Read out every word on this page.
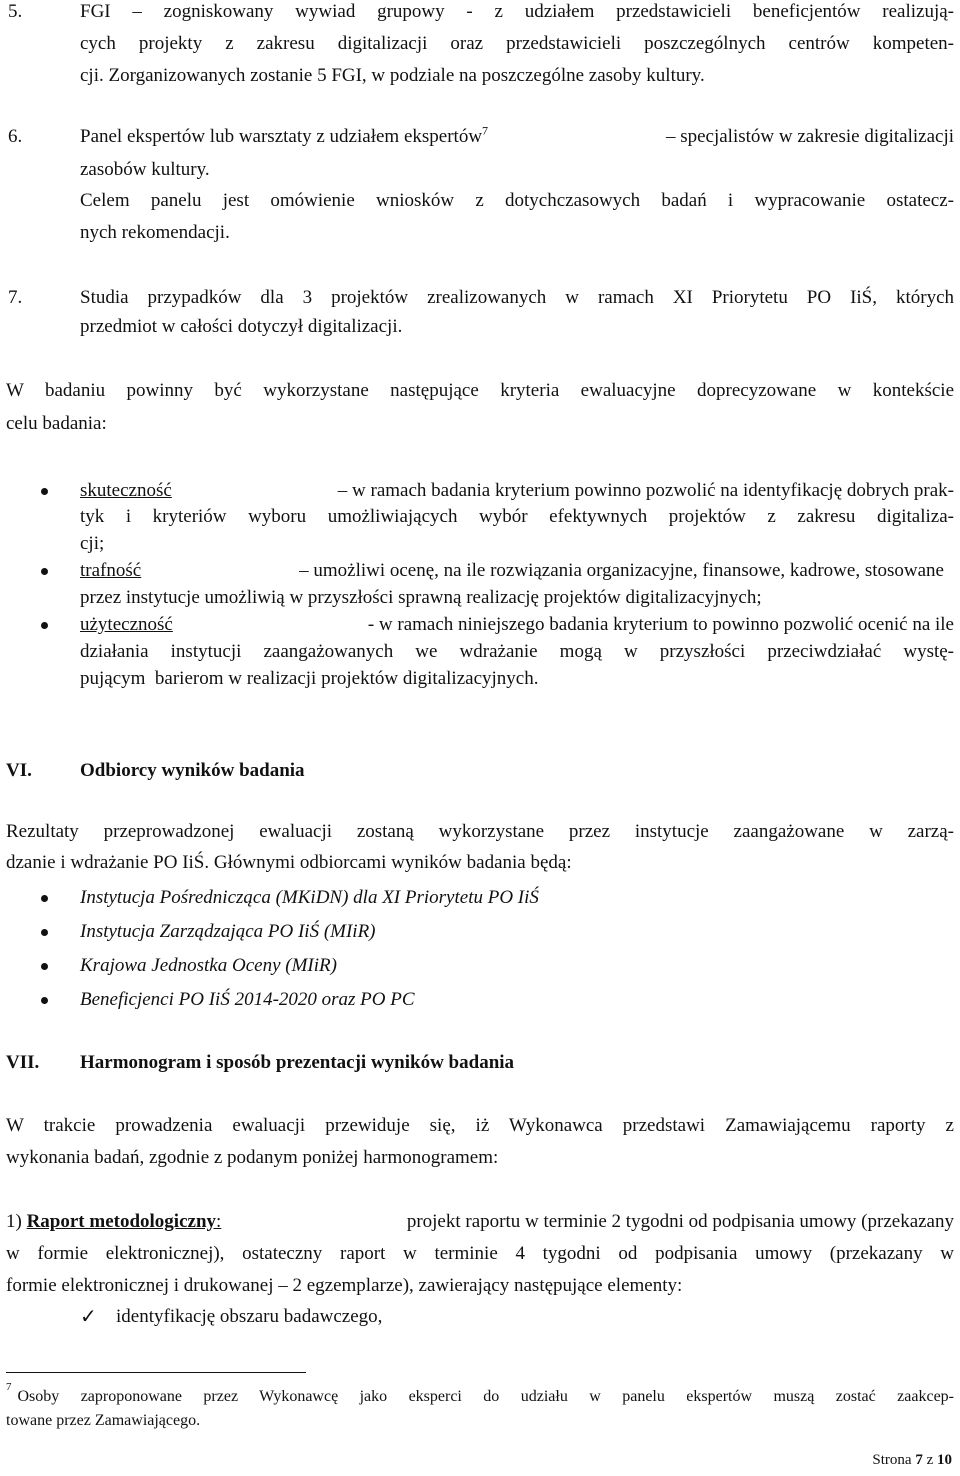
5.	FGI – zogniskowany wywiad grupowy - z udziałem przedstawicieli beneficjentów realizują-
cych projekty z zakresu digitalizacji oraz przedstawicieli poszczególnych centrów kompeten-
cji. Zorganizowanych zostanie 5 FGI, w podziale na poszczególne zasoby kultury.
6.	Panel ekspertów lub warsztaty z udziałem ekspertów$^7$	– specjalistów w zakresie digitalizacji
zasobów kultury.
Celem panelu jest omówienie wniosków z dotychczasowych badań i wypracowanie ostatecz-
nych rekomendacji.
7.	Studia przypadków dla 3 projektów zrealizowanych w ramach XI Priorytetu PO IiŚ, których
przedmiot w całości dotyczył digitalizacji.
W badaniu powinny być wykorzystane następujące kryteria ewaluacyjne doprecyzowane w kontekście
celu badania:
skuteczność	– w ramach badania kryterium powinno pozwolić na identyfikację dobrych prak-
tyk i kryteriów wyboru umożliwiających wybór efektywnych projektów z zakresu digitaliza-
cji;
trafność	– umożliwi ocenę, na ile rozwiązania organizacyjne, finansowe, kadrowe, stosowane
przez instytucje umożliwią w przyszłości sprawną realizację projektów digitalizacyjnych;
użyteczność	- w ramach niniejszego badania kryterium to powinno pozwolić ocenić na ile
działania instytucji zaangażowanych we wdrażanie mogą w przyszłości przeciwdziałać wystę-
pującym  barierom w realizacji projektów digitalizacyjnych.
VI.	Odbiorcy wyników badania
Rezultaty przeprowadzonej ewaluacji zostaną wykorzystane przez instytucje zaangażowane w zarzą-
dzanie i wdrażanie PO IiŚ. Głównymi odbiorcami wyników badania będą:
Instytucja Pośrednicząca (MKiDN) dla XI Priorytetu PO IiŚ
Instytucja Zarządzająca PO IiŚ (MIiR)
Krajowa Jednostka Oceny (MIiR)
Beneficjenci PO IiŚ 2014-2020 oraz PO PC
VII. Harmonogram i sposób prezentacji wyników badania
W trakcie prowadzenia ewaluacji przewiduje się, iż Wykonawca przedstawi Zamawiającemu raporty z
wykonania badań, zgodnie z podanym poniżej harmonogramem:
1) Raport metodologiczny:	projekt raportu w terminie 2 tygodni od podpisania umowy (przekazany
w formie elektronicznej), ostateczny raport w terminie 4 tygodni od podpisania umowy (przekazany w
formie elektronicznej i drukowanej – 2 egzemplarze), zawierający następujące elementy:
✓ identyfikację obszaru badawczego,
$^7$
Osoby zaproponowane przez Wykonawcę jako eksperci do udziału w panelu ekspertów muszą zostać zaakcep-
towane przez Zamawiającego.
Strona 7 z 10
